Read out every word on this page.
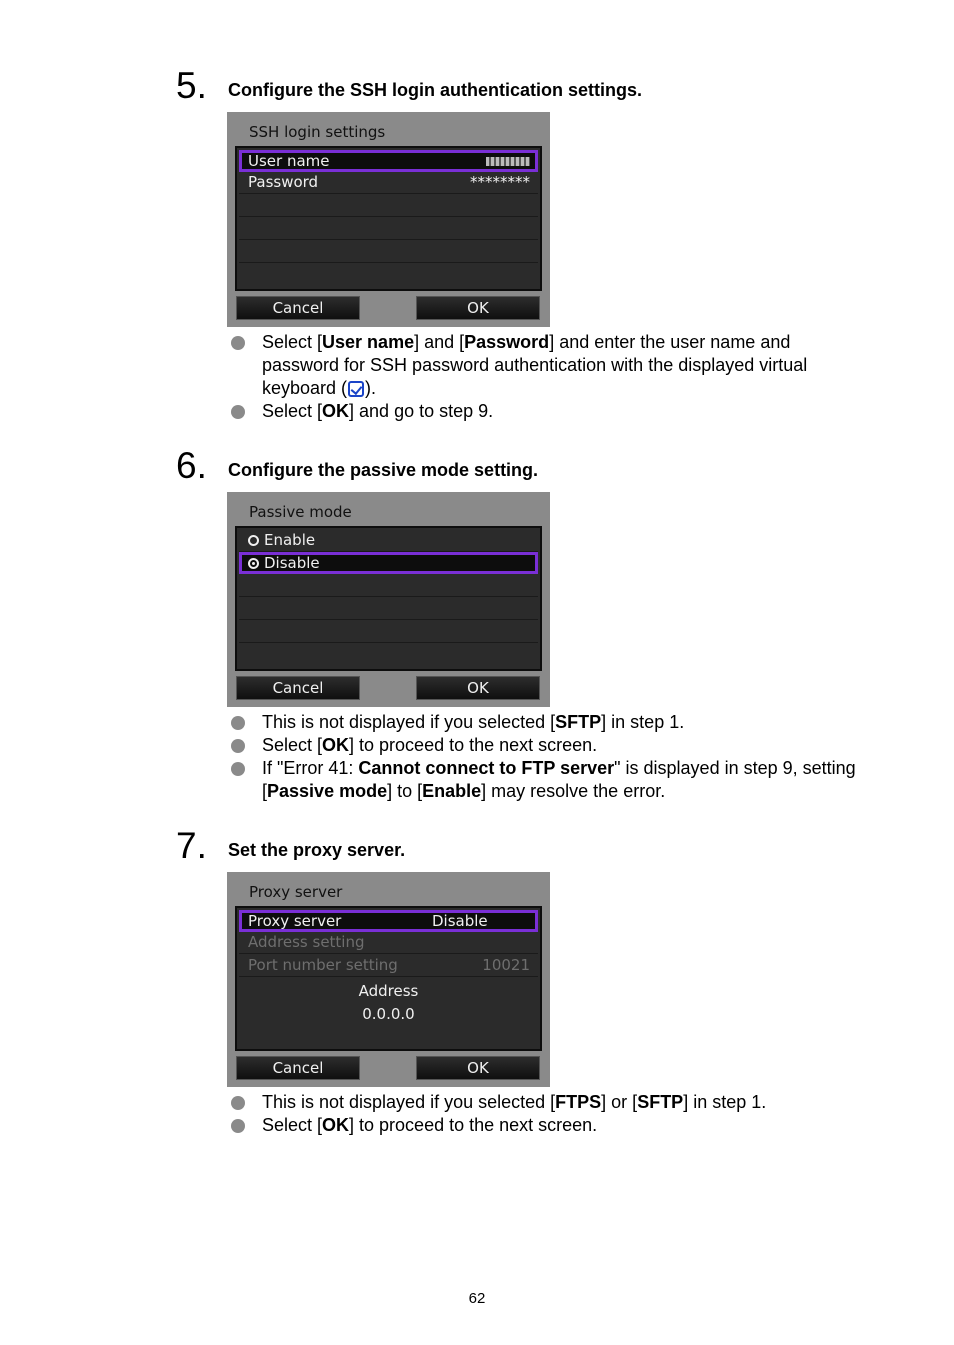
5. Configure the SSH login authentication settings.
SSH login settings
User name
Password	********
Cancel	OK
Select [User name] and [Password] and enter the user name and password for SSH password authentication with the displayed virtual keyboard ( ).
Select [OK] and go to step 9.
6. Configure the passive mode setting.
Passive mode
Enable
Disable
Cancel	OK
This is not displayed if you selected [SFTP] in step 1.
Select [OK] to proceed to the next screen.
If "Error 41: Cannot connect to FTP server" is displayed in step 9, setting [Passive mode] to [Enable] may resolve the error.
7. Set the proxy server.
Proxy server
Proxy server	Disable
Address setting
Port number setting	10021
Address
0.0.0.0
Cancel	OK
This is not displayed if you selected [FTPS] or [SFTP] in step 1.
Select [OK] to proceed to the next screen.
62
